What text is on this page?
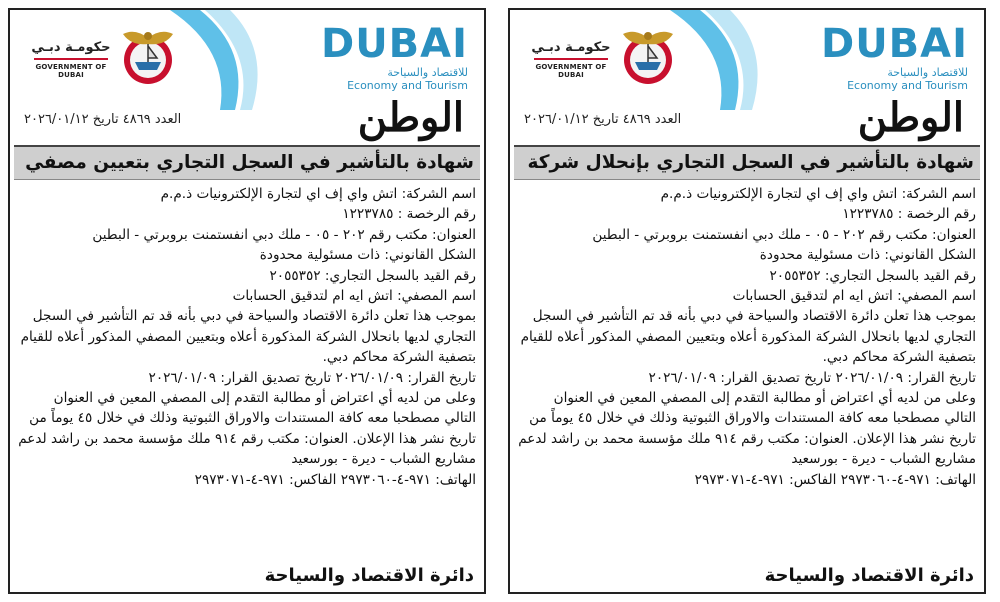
DUBAI
للاقتصاد والسياحة
Economy and Tourism
حكومـة دبـي
GOVERNMENT OF DUBAI
الوطن
العدد ٤٨٦٩ تاريخ ٢٠٢٦/٠١/١٢
شهادة بالتأشير في السجل التجاري بتعيين مصفي

اسم الشركة: اتش واي إف اي لتجارة الإلكترونيات ذ.م.م

رقم الرخصة : ١٢٢٣٧٨٥

العنوان: مكتب رقم ٢٠٢ - ٠٥ - ملك دبي انفستمنت بروبرتي - البطين

الشكل القانوني: ذات مسئولية محدودة

رقم القيد بالسجل التجاري: ٢٠٥٥٣٥٢

اسم المصفي: اتش ايه ام لتدقيق الحسابات

بموجب هذا تعلن دائرة الاقتصاد والسياحة في دبي بأنه قد تم التأشير في السجل التجاري لديها بانحلال الشركة المذكورة أعلاه وبتعيين المصفي المذكور أعلاه للقيام بتصفية الشركة محاكم دبي.

تاريخ القرار: ٢٠٢٦/٠١/٠٩ تاريخ تصديق القرار: ٢٠٢٦/٠١/٠٩

وعلى من لديه أي اعتراض أو مطالبة التقدم إلى المصفي المعين في العنوان التالي مصطحبا معه كافة المستندات والاوراق الثبوتية وذلك في خلال ٤٥ يوماً من تاريخ نشر هذا الإعلان. العنوان: مكتب رقم ٩١٤ ملك مؤسسة محمد بن راشد لدعم مشاريع الشباب - ديرة - بورسعيد

الهاتف: ٩٧١-٤-٢٩٧٣٠٦٠ الفاكس: ٩٧١-٤-٢٩٧٣٠٧١

دائرة الاقتصاد والسياحة
DUBAI
للاقتصاد والسياحة
Economy and Tourism
حكومـة دبـي
GOVERNMENT OF DUBAI
الوطن
العدد ٤٨٦٩ تاريخ ٢٠٢٦/٠١/١٢
شهادة بالتأشير في السجل التجاري بإنحلال شركة

اسم الشركة: اتش واي إف اي لتجارة الإلكترونيات ذ.م.م

رقم الرخصة : ١٢٢٣٧٨٥

العنوان: مكتب رقم ٢٠٢ - ٠٥ - ملك دبي انفستمنت بروبرتي - البطين

الشكل القانوني: ذات مسئولية محدودة

رقم القيد بالسجل التجاري: ٢٠٥٥٣٥٢

اسم المصفي: اتش ايه ام لتدقيق الحسابات

بموجب هذا تعلن دائرة الاقتصاد والسياحة في دبي بأنه قد تم التأشير في السجل التجاري لديها بانحلال الشركة المذكورة أعلاه وبتعيين المصفي المذكور أعلاه للقيام بتصفية الشركة محاكم دبي.

تاريخ القرار: ٢٠٢٦/٠١/٠٩ تاريخ تصديق القرار: ٢٠٢٦/٠١/٠٩

وعلى من لديه أي اعتراض أو مطالبة التقدم إلى المصفي المعين في العنوان التالي مصطحبا معه كافة المستندات والاوراق الثبوتية وذلك في خلال ٤٥ يوماً من تاريخ نشر هذا الإعلان. العنوان: مكتب رقم ٩١٤ ملك مؤسسة محمد بن راشد لدعم مشاريع الشباب - ديرة - بورسعيد

الهاتف: ٩٧١-٤-٢٩٧٣٠٦٠ الفاكس: ٩٧١-٤-٢٩٧٣٠٧١

دائرة الاقتصاد والسياحة
